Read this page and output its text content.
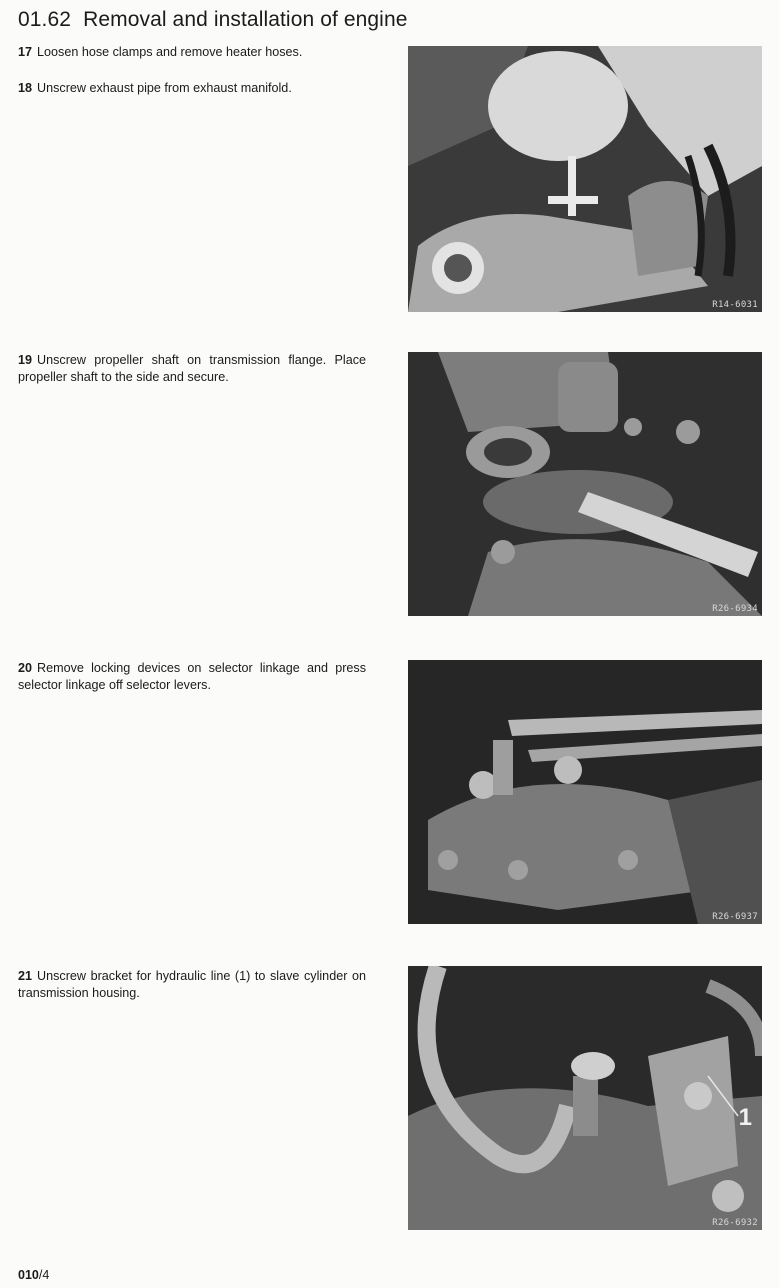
01.62 Removal and installation of engine

17 Loosen hose clamps and remove heater hoses.

18 Unscrew exhaust pipe from exhaust manifold.

19 Unscrew propeller shaft on transmission flange. Place propeller shaft to the side and secure.

20 Remove locking devices on selector linkage and press selector linkage off selector levers.

21 Unscrew bracket for hydraulic line (1) to slave cylinder on transmission housing.

R14-6031
R26-6934
R26-6937
1
R26-6932
010/4
